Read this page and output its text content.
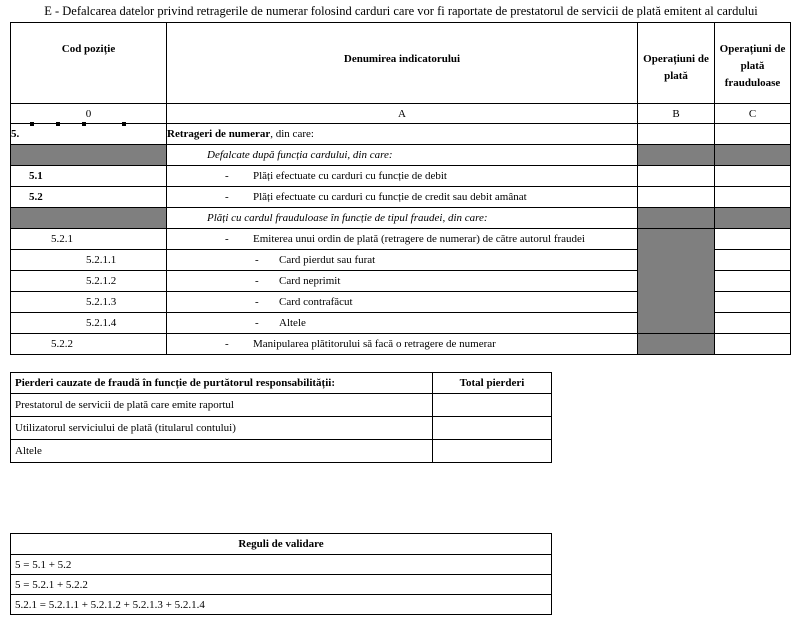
E - Defalcarea datelor privind retragerile de numerar folosind carduri care vor fi raportate de prestatorul de servicii de plată emitent al cardului
Cod poziție	Denumirea indicatorului		
		Operațiuni de plată	Operațiuni de plată frauduloase
0	A	B	C
5.	Retrageri de numerar, din care:		
	Defalcate după funcția cardului, din care:		
5.1	- Plăți efectuate cu carduri cu funcție de debit		
5.2	- Plăți efectuate cu carduri cu funcție de credit sau debit amânat		
	Plăți cu cardul frauduloase în funcție de tipul fraudei, din care:		
5.2.1	- Emiterea unui ordin de plată (retragere de numerar) de către autorul fraudei		
5.2.1.1	- Card pierdut sau furat		
5.2.1.2	- Card neprimit		
5.2.1.3	- Card contrafăcut		
5.2.1.4	- Altele		
5.2.2	- Manipularea plătitorului să facă o retragere de numerar		
Pierderi cauzate de fraudă în funcție de purtătorul responsabilității:	Total pierderi
Prestatorul de servicii de plată care emite raportul	
Utilizatorul serviciului de plată (titularul contului)	
Altele	
Reguli de validare
5 = 5.1 + 5.2
5 = 5.2.1 + 5.2.2
5.2.1 = 5.2.1.1 + 5.2.1.2 + 5.2.1.3 + 5.2.1.4
